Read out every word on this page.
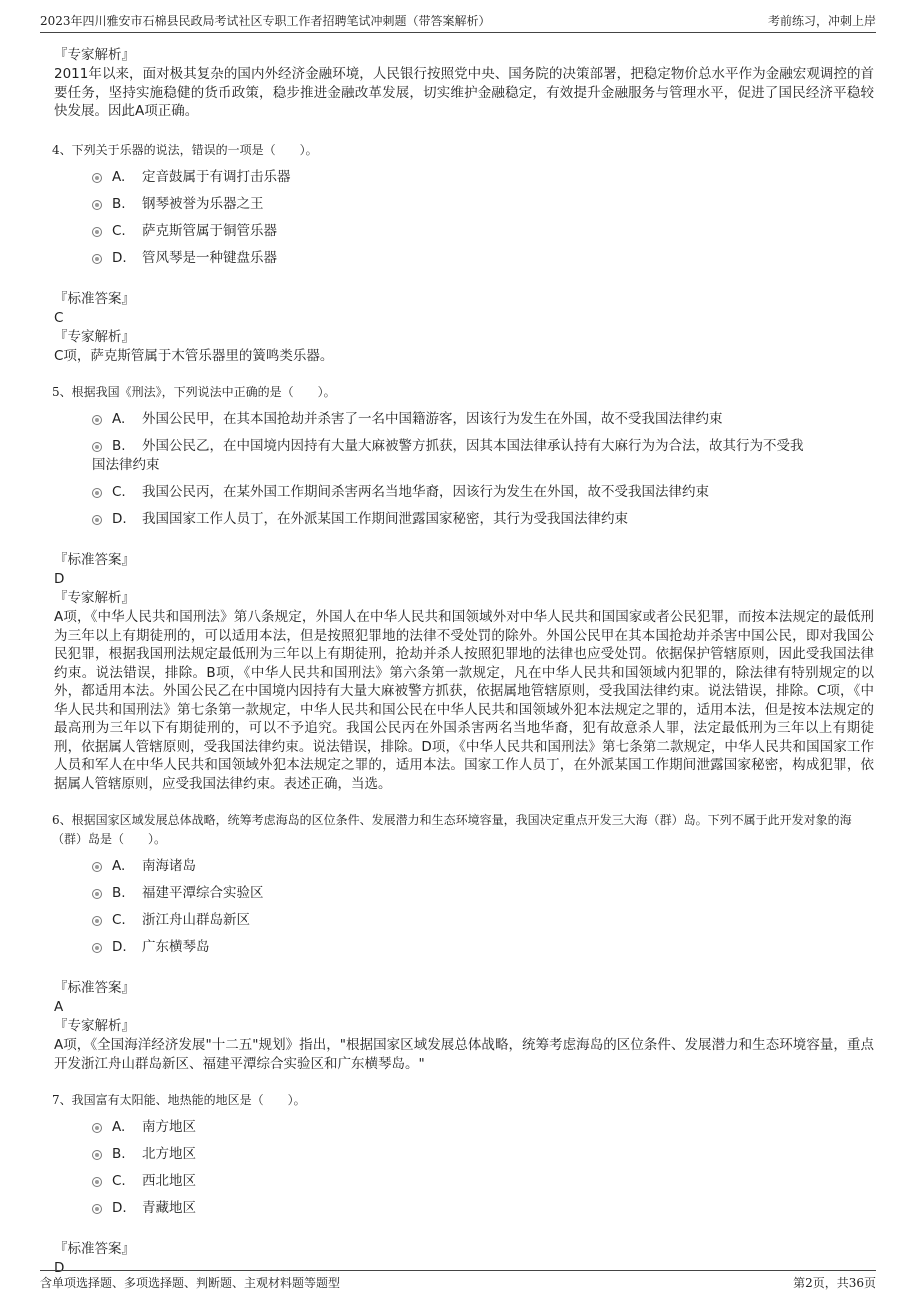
2023年四川雅安市石棉县民政局考试社区专职工作者招聘笔试冲刺题（带答案解析）	考前练习，冲刺上岸
『专家解析』
2011年以来，面对极其复杂的国内外经济金融环境，人民银行按照党中央、国务院的决策部署，把稳定物价总水平作为金融宏观调控的首要任务，坚持实施稳健的货币政策，稳步推进金融改革发展，切实维护金融稳定，有效提升金融服务与管理水平，促进了国民经济平稳较快发展。因此A项正确。
4、下列关于乐器的说法，错误的一项是（　　）。
A.	定音鼓属于有调打击乐器
B.	钢琴被誉为乐器之王
C.	萨克斯管属于铜管乐器
D.	管风琴是一种键盘乐器
『标准答案』
C
『专家解析』
C项，萨克斯管属于木管乐器里的簧鸣类乐器。
5、根据我国《刑法》，下列说法中正确的是（　　）。
A.	外国公民甲，在其本国抢劫并杀害了一名中国籍游客，因该行为发生在外国，故不受我国法律约束
B.	外国公民乙，在中国境内因持有大量大麻被警方抓获，因其本国法律承认持有大麻行为为合法，故其行为不受我
国法律约束
C.	我国公民丙，在某外国工作期间杀害两名当地华裔，因该行为发生在外国，故不受我国法律约束
D.	我国国家工作人员丁，在外派某国工作期间泄露国家秘密，其行为受我国法律约束
『标准答案』
D
『专家解析』
A项，《中华人民共和国刑法》第八条规定，外国人在中华人民共和国领域外对中华人民共和国国家或者公民犯罪，而按本法规定的最低刑为三年以上有期徒刑的，可以适用本法，但是按照犯罪地的法律不受处罚的除外。外国公民甲在其本国抢劫并杀害中国公民，即对我国公民犯罪，根据我国刑法规定最低刑为三年以上有期徒刑，抢劫并杀人按照犯罪地的法律也应受处罚。依据保护管辖原则，因此受我国法律约束。说法错误，排除。B项，《中华人民共和国刑法》第六条第一款规定，凡在中华人民共和国领域内犯罪的，除法律有特别规定的以外，都适用本法。外国公民乙在中国境内因持有大量大麻被警方抓获，依据属地管辖原则，受我国法律约束。说法错误，排除。C项，《中华人民共和国刑法》第七条第一款规定，中华人民共和国公民在中华人民共和国领域外犯本法规定之罪的，适用本法，但是按本法规定的最高刑为三年以下有期徒刑的，可以不予追究。我国公民丙在外国杀害两名当地华裔，犯有故意杀人罪，法定最低刑为三年以上有期徒刑，依据属人管辖原则，受我国法律约束。说法错误，排除。D项，《中华人民共和国刑法》第七条第二款规定，中华人民共和国国家工作人员和军人在中华人民共和国领域外犯本法规定之罪的，适用本法。国家工作人员丁，在外派某国工作期间泄露国家秘密，构成犯罪，依据属人管辖原则，应受我国法律约束。表述正确，当选。
6、根据国家区域发展总体战略，统筹考虑海岛的区位条件、发展潜力和生态环境容量，我国决定重点开发三大海（群）岛。下列不属于此开发对象的海（群）岛是（　　）。
A.	南海诸岛
B.	福建平潭综合实验区
C.	浙江舟山群岛新区
D.	广东横琴岛
『标准答案』
A
『专家解析』
A项，《全国海洋经济发展"十二五"规划》指出，"根据国家区域发展总体战略，统筹考虑海岛的区位条件、发展潜力和生态环境容量，重点开发浙江舟山群岛新区、福建平潭综合实验区和广东横琴岛。"
7、我国富有太阳能、地热能的地区是（　　）。
A.	南方地区
B.	北方地区
C.	西北地区
D.	青藏地区
『标准答案』
D
含单项选择题、多项选择题、判断题、主观材料题等题型	第2页，共36页
